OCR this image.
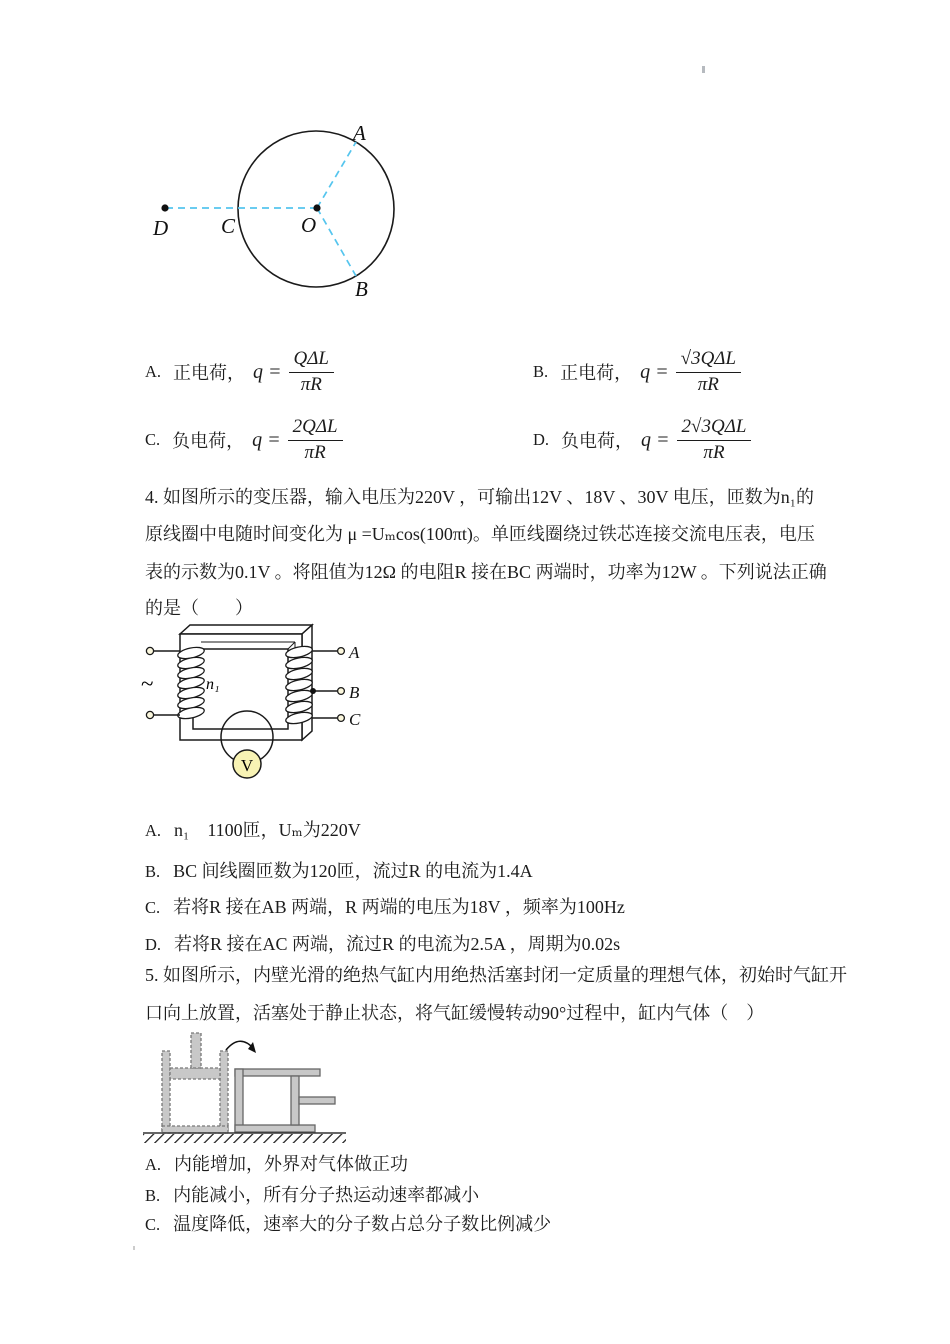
A
B
C	O
D
A. 正电荷， $q = \frac{\text{QΔL}}{\pi R}$	B. 正电荷， $q = \frac{\text{√3QΔL}}{\pi R}$
C. 负电荷， $q = \frac{\text{2QΔL}}{\pi R}$	D. 负电荷， $q = \frac{\text{2√3QΔL}}{\pi R}$
4. 如图所示的变压器，输入电压为220V ，可输出12V 、18V 、30V 电压，匝数为n₁的
原线圈中电随时间变化为 μ =Uₘcos(100πt)。单匝线圈绕过铁芯连接交流电压表，电压
表的示数为0.1V 。将阻值为12Ω 的电阻R 接在BC 两端时，功率为12W 。下列说法正确
的是（　　）
V
~	n₁
A
B
C
A. n₁　1100匝，Uₘ为220V
B. BC 间线圈匝数为120匝，流过R 的电流为1.4A
C. 若将R 接在AB 两端，R 两端的电压为18V ，频率为100Hz
D. 若将R 接在AC 两端，流过R 的电流为2.5A ，周期为0.02s
5. 如图所示，内壁光滑的绝热气缸内用绝热活塞封闭一定质量的理想气体，初始时气缸开
口向上放置，活塞处于静止状态，将气缸缓慢转动90°过程中，缸内气体（　）
A. 内能增加，外界对气体做正功
B. 内能减小，所有分子热运动速率都减小
C. 温度降低，速率大的分子数占总分子数比例减少
